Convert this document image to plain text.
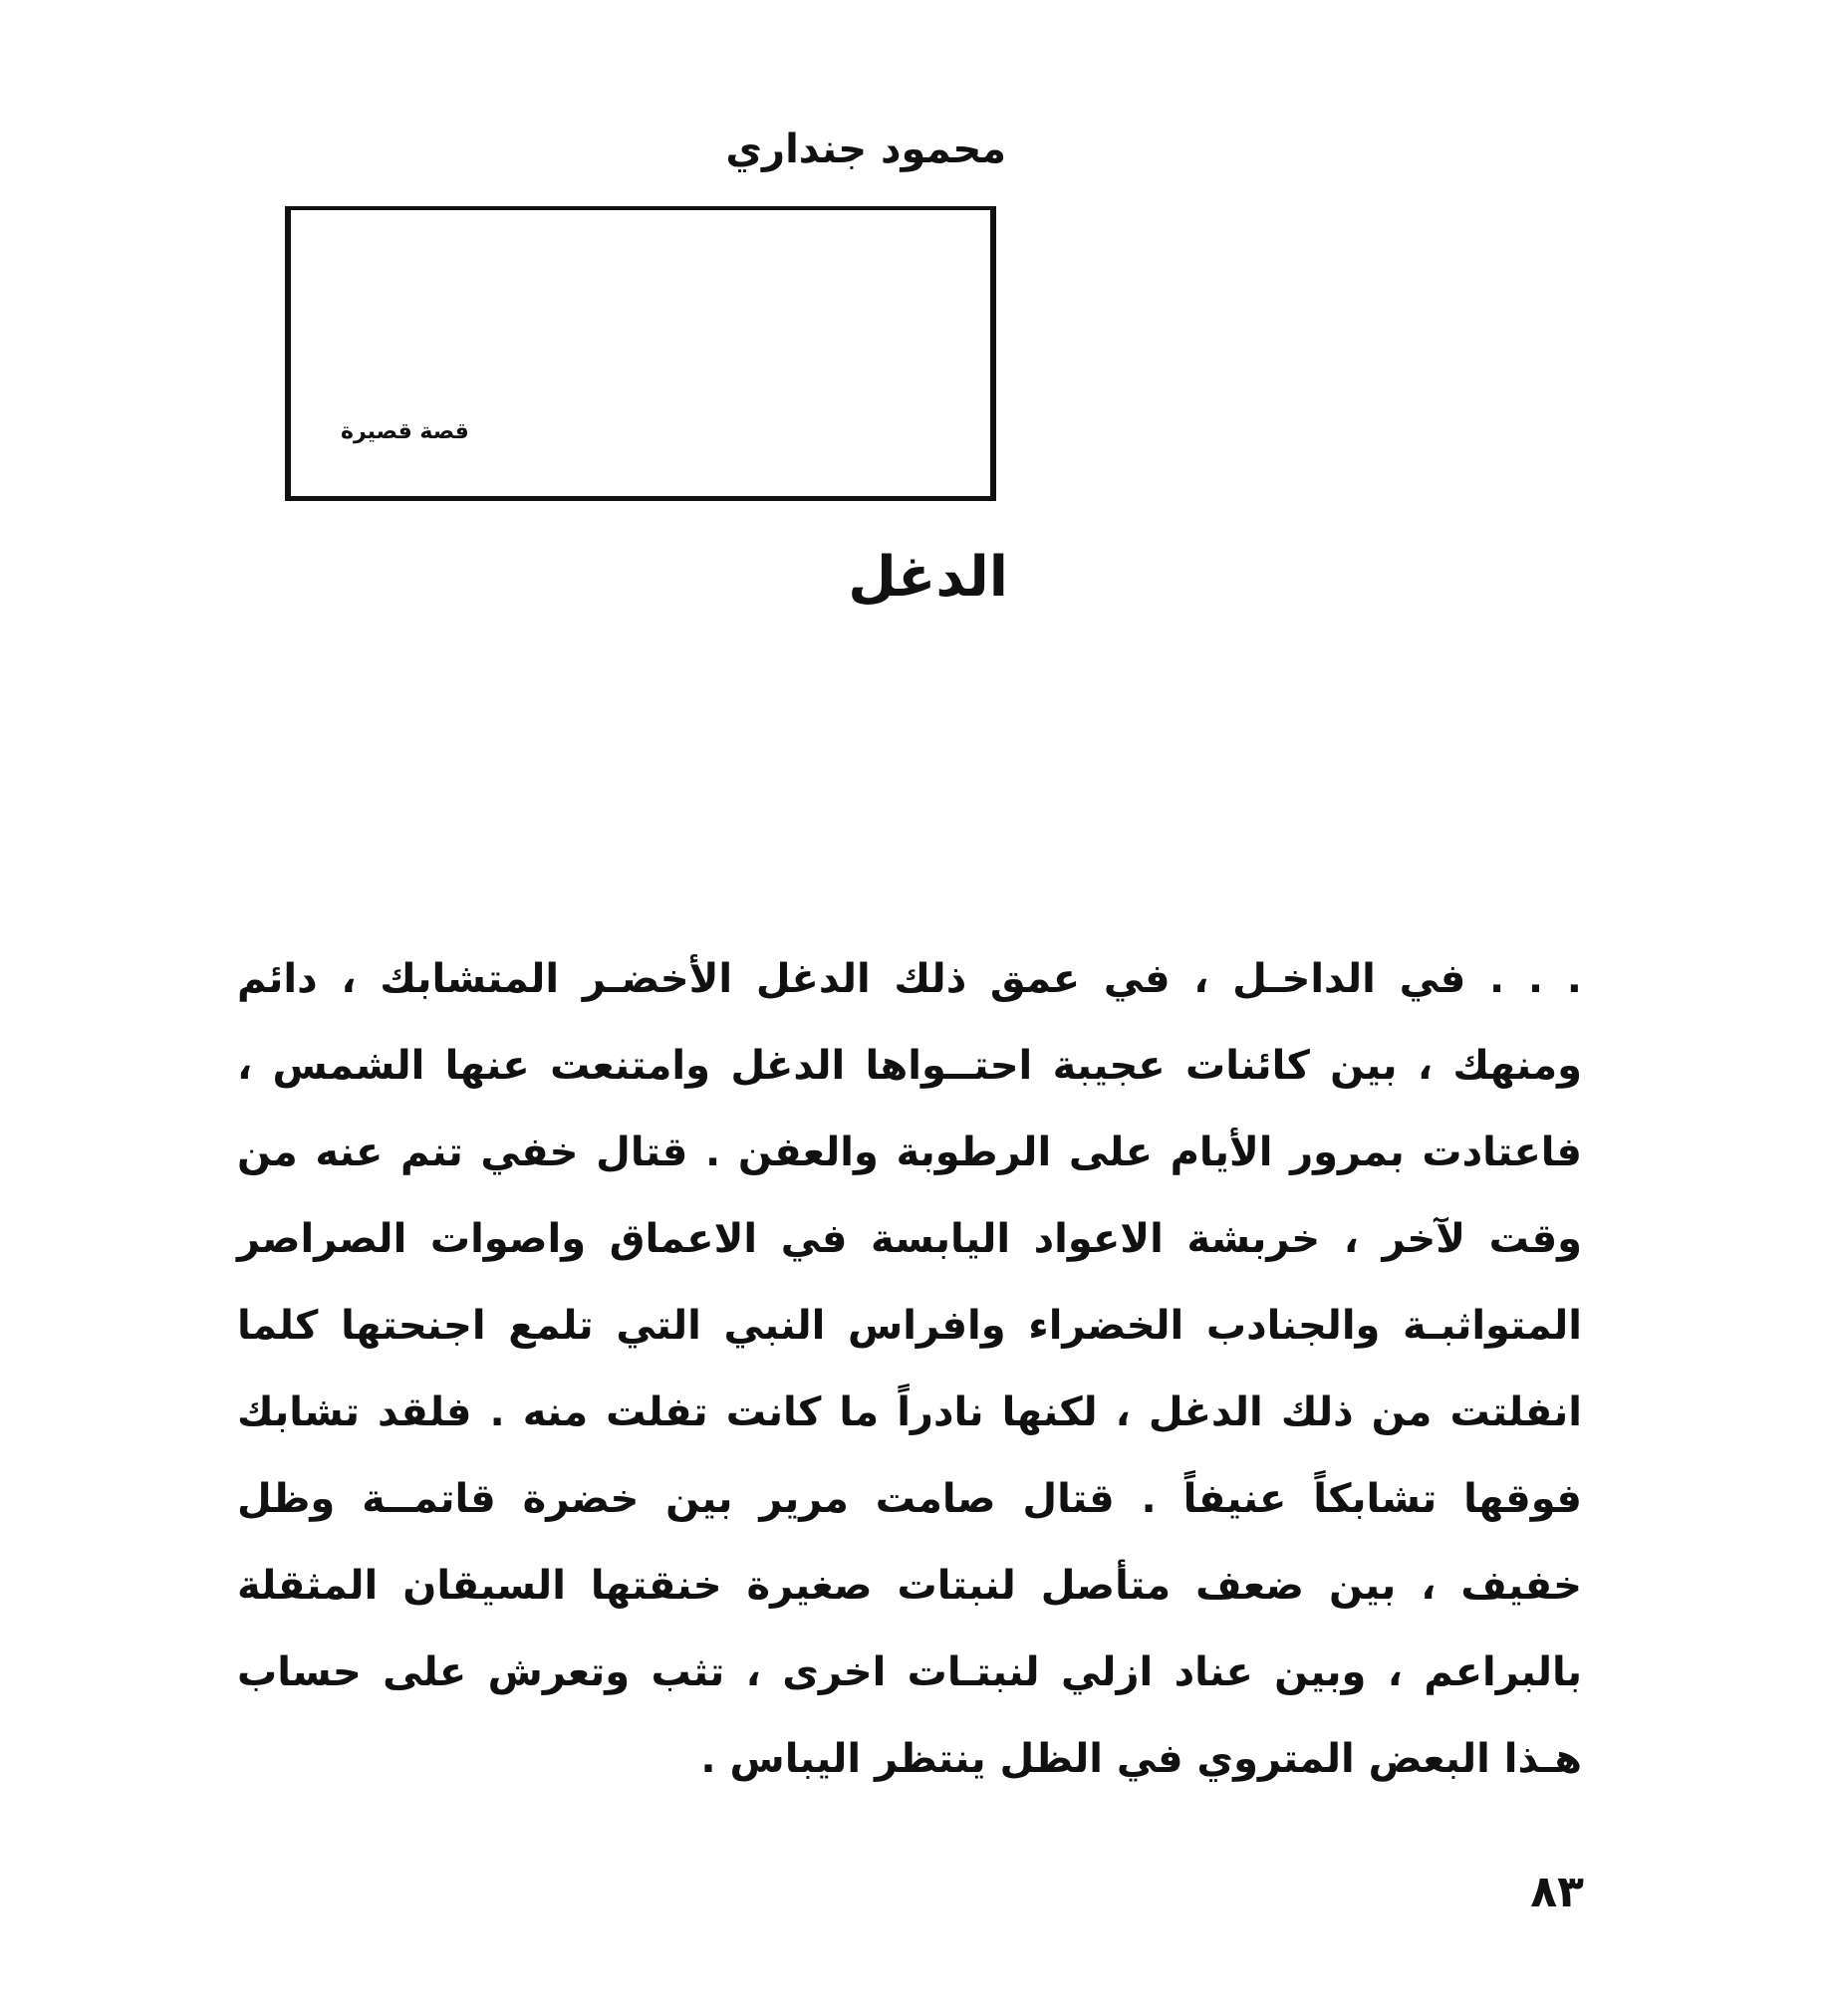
محمود جنداري
قصة قصيرة
الدغل
. . . في الداخـل ، في عمق ذلك الدغل الأخضـر المتشابك ، دائم ومنهك ، بين كائنات عجيبة احتــواها الدغل وامتنعت عنها الشمس ، فاعتادت بمرور الأيام على الرطوبة والعفن . قتال خفي تنم عنه من وقت لآخر ، خربشة الاعواد اليابسة في الاعماق واصوات الصراصر المتواثبـة والجنادب الخضراء وافراس النبي التي تلمع اجنحتها كلما انفلتت من ذلك الدغل ، لكنها نادراً ما كانت تفلت منه . فلقد تشابك فوقها تشابكاً عنيفاً . قتال صامت مرير بين خضرة قاتمــة وظل خفيف ، بين ضعف متأصل لنبتات صغيرة خنقتها السيقان المثقلة بالبراعم ، وبين عناد ازلي لنبتـات اخرى ، تثب وتعرش على حساب هـذا البعض المتروي في الظل ينتظر اليباس .
٨٣
